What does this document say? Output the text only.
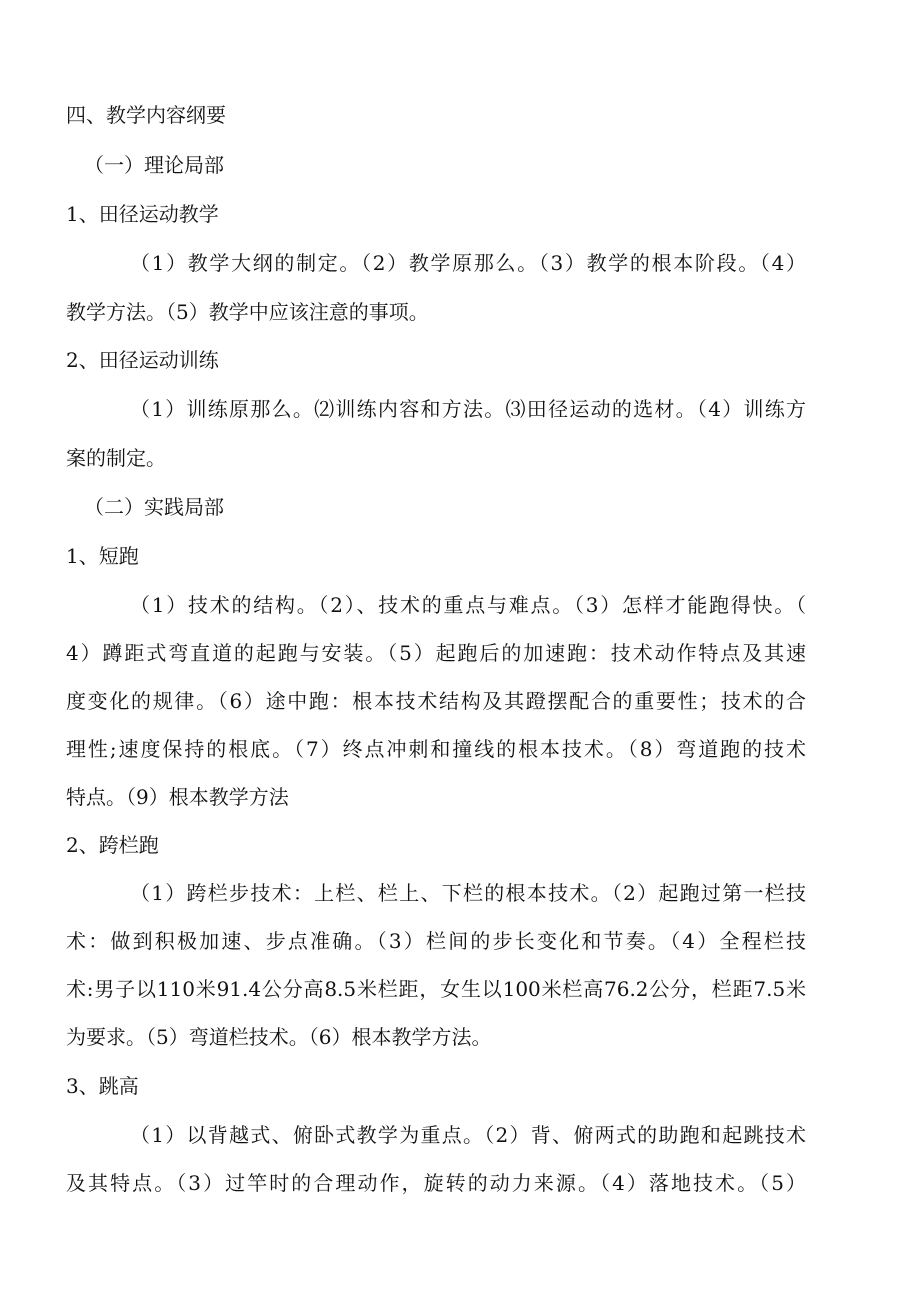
四、教学内容纲要
（一）理论局部
1、田径运动教学
（1）教学大纲的制定。（2）教学原那么。（3）教学的根本阶段。（4）
教学方法。（5）教学中应该注意的事项。
2、田径运动训练
（1）训练原那么。⑵训练内容和方法。⑶田径运动的选材。（4）训练方
案的制定。
（二）实践局部
1、短跑
（1）技术的结构。（2）、技术的重点与难点。（3）怎样才能跑得快。（
4）蹲距式弯直道的起跑与安装。（5）起跑后的加速跑：技术动作特点及其速
度变化的规律。（6）途中跑：根本技术结构及其蹬摆配合的重要性；技术的合
理性;速度保持的根底。（7）终点冲刺和撞线的根本技术。（8）弯道跑的技术
特点。（9）根本教学方法
2、跨栏跑
（1）跨栏步技术：上栏、栏上、下栏的根本技术。（2）起跑过第一栏技
术：做到积极加速、步点准确。（3）栏间的步长变化和节奏。（4）全程栏技
术:男子以110米91.4公分高8.5米栏距，女生以100米栏高76.2公分，栏距7.5米
为要求。（5）弯道栏技术。（6）根本教学方法。
3、跳高
（1）以背越式、俯卧式教学为重点。（2）背、俯两式的助跑和起跳技术
及其特点。（3）过竿时的合理动作，旋转的动力来源。（4）落地技术。（5）
